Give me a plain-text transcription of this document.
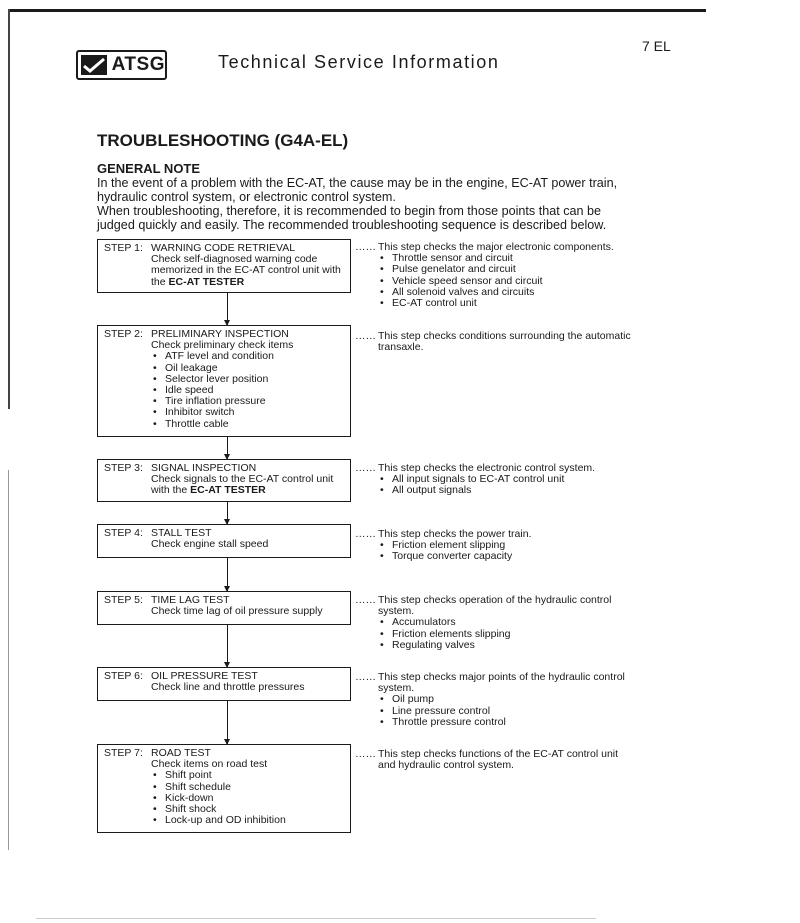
7 EL
ATSG	Technical Service Information
TROUBLESHOOTING (G4A-EL)
GENERAL NOTE

In the event of a problem with the EC-AT, the cause may be in the engine, EC-AT power train, hydraulic control system, or electronic control system.

When troubleshooting, therefore, it is recommended to begin from those points that can be judged quickly and easily. The recommended troubleshooting sequence is described below.

STEP 1: WARNING CODE RETRIEVAL
Check self-diagnosed warning code memorized in the EC-AT control unit with the EC-AT TESTER
…… This step checks the major electronic components.
• Throttle sensor and circuit
• Pulse genelator and circuit
• Vehicle speed sensor and circuit
• All solenoid valves and circuits
• EC-AT control unit
STEP 2: PRELIMINARY INSPECTION
Check preliminary check items
• ATF level and condition
• Oil leakage
• Selector lever position
• Idle speed
• Tire inflation pressure
• Inhibitor switch
• Throttle cable
…… This step checks conditions surrounding the automatic transaxle.
STEP 3: SIGNAL INSPECTION
Check signals to the EC-AT control unit with the EC-AT TESTER
…… This step checks the electronic control system.
• All input signals to EC-AT control unit
• All output signals
STEP 4: STALL TEST
Check engine stall speed
…… This step checks the power train.
• Friction element slipping
• Torque converter capacity
STEP 5: TIME LAG TEST
Check time lag of oil pressure supply
…… This step checks operation of the hydraulic control system.
• Accumulators
• Friction elements slipping
• Regulating valves
STEP 6: OIL PRESSURE TEST
Check line and throttle pressures
…… This step checks major points of the hydraulic control system.
• Oil pump
• Line pressure control
• Throttle pressure control
STEP 7: ROAD TEST
Check items on road test
• Shift point
• Shift schedule
• Kick-down
• Shift shock
• Lock-up and OD inhibition
…… This step checks functions of the EC-AT control unit and hydraulic control system.
